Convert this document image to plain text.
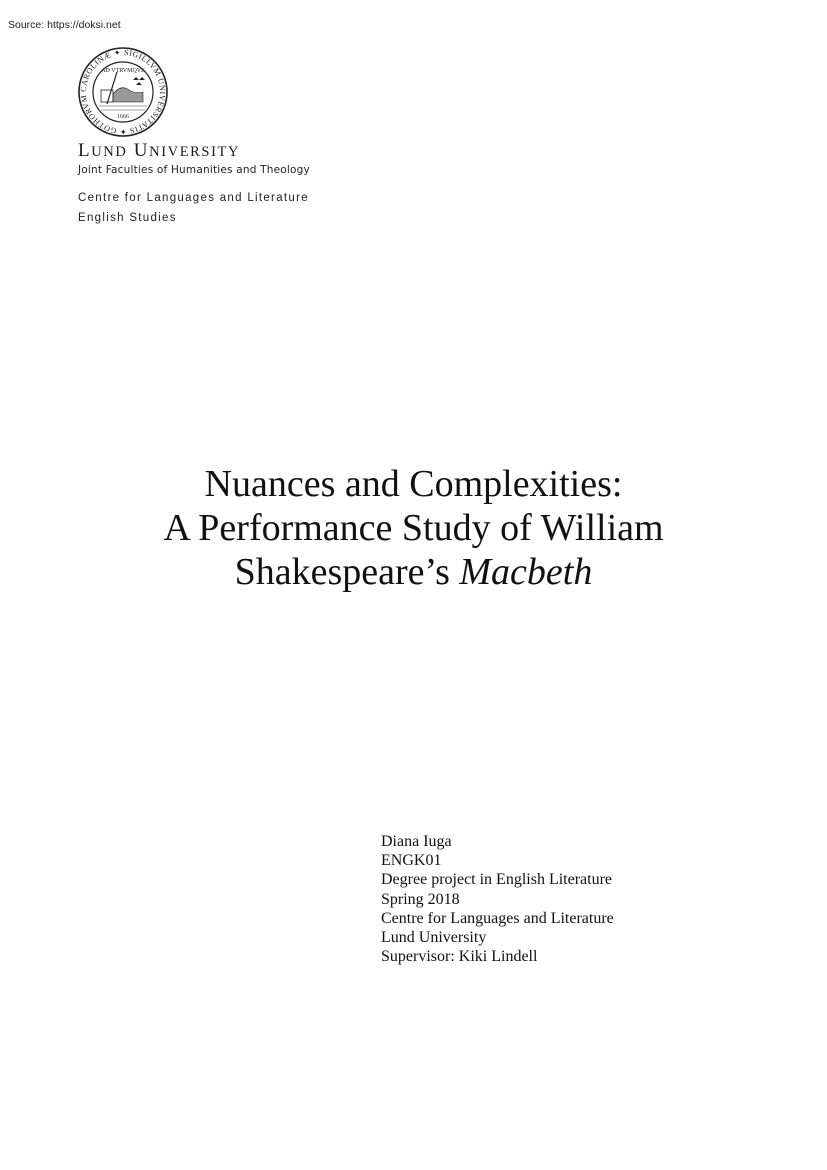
Source: https://doksi.net
CAROLINÆ ✦ SIGILLVM UNIVERSITATIS ✦ GOTHORVM
AD VTRVMQVE
1666
LUND UNIVERSITY
Joint Faculties of Humanities and Theology
Centre for Languages and Literature
English Studies
Nuances and Complexities:
A Performance Study of William
Shakespeare’s Macbeth
Diana Iuga
ENGK01
Degree project in English Literature
Spring 2018
Centre for Languages and Literature
Lund University
Supervisor: Kiki Lindell
